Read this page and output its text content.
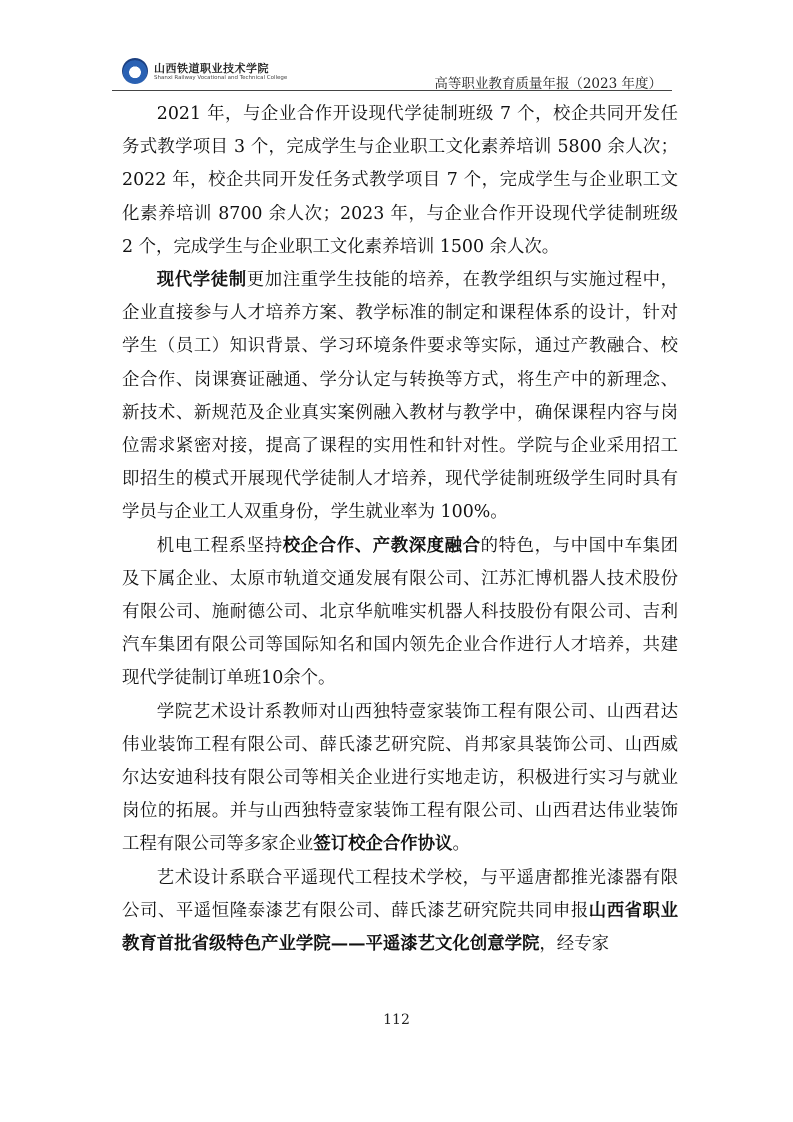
山西铁道职业技术学院
Shanxi Railway Vocational and Technical College	高等职业教育质量年报（2023 年度）

2021 年，与企业合作开设现代学徒制班级 7 个，校企共同开发任务式教学项目 3 个，完成学生与企业职工文化素养培训 5800 余人次；2022 年，校企共同开发任务式教学项目 7 个，完成学生与企业职工文化素养培训 8700 余人次；2023 年，与企业合作开设现代学徒制班级 2 个，完成学生与企业职工文化素养培训 1500 余人次。

现代学徒制更加注重学生技能的培养，在教学组织与实施过程中，企业直接参与人才培养方案、教学标准的制定和课程体系的设计，针对学生（员工）知识背景、学习环境条件要求等实际，通过产教融合、校企合作、岗课赛证融通、学分认定与转换等方式，将生产中的新理念、新技术、新规范及企业真实案例融入教材与教学中，确保课程内容与岗位需求紧密对接，提高了课程的实用性和针对性。学院与企业采用招工即招生的模式开展现代学徒制人才培养，现代学徒制班级学生同时具有学员与企业工人双重身份，学生就业率为 100%。

机电工程系坚持校企合作、产教深度融合的特色，与中国中车集团及下属企业、太原市轨道交通发展有限公司、江苏汇博机器人技术股份有限公司、施耐德公司、北京华航唯实机器人科技股份有限公司、吉利汽车集团有限公司等国际知名和国内领先企业合作进行人才培养，共建现代学徒制订单班10余个。

学院艺术设计系教师对山西独特壹家装饰工程有限公司、山西君达伟业装饰工程有限公司、薛氏漆艺研究院、肖邦家具装饰公司、山西威尔达安迪科技有限公司等相关企业进行实地走访，积极进行实习与就业岗位的拓展。并与山西独特壹家装饰工程有限公司、山西君达伟业装饰工程有限公司等多家企业签订校企合作协议。

艺术设计系联合平遥现代工程技术学校，与平遥唐都推光漆器有限公司、平遥恒隆泰漆艺有限公司、薛氏漆艺研究院共同申报山西省职业教育首批省级特色产业学院——平遥漆艺文化创意学院，经专家

112
